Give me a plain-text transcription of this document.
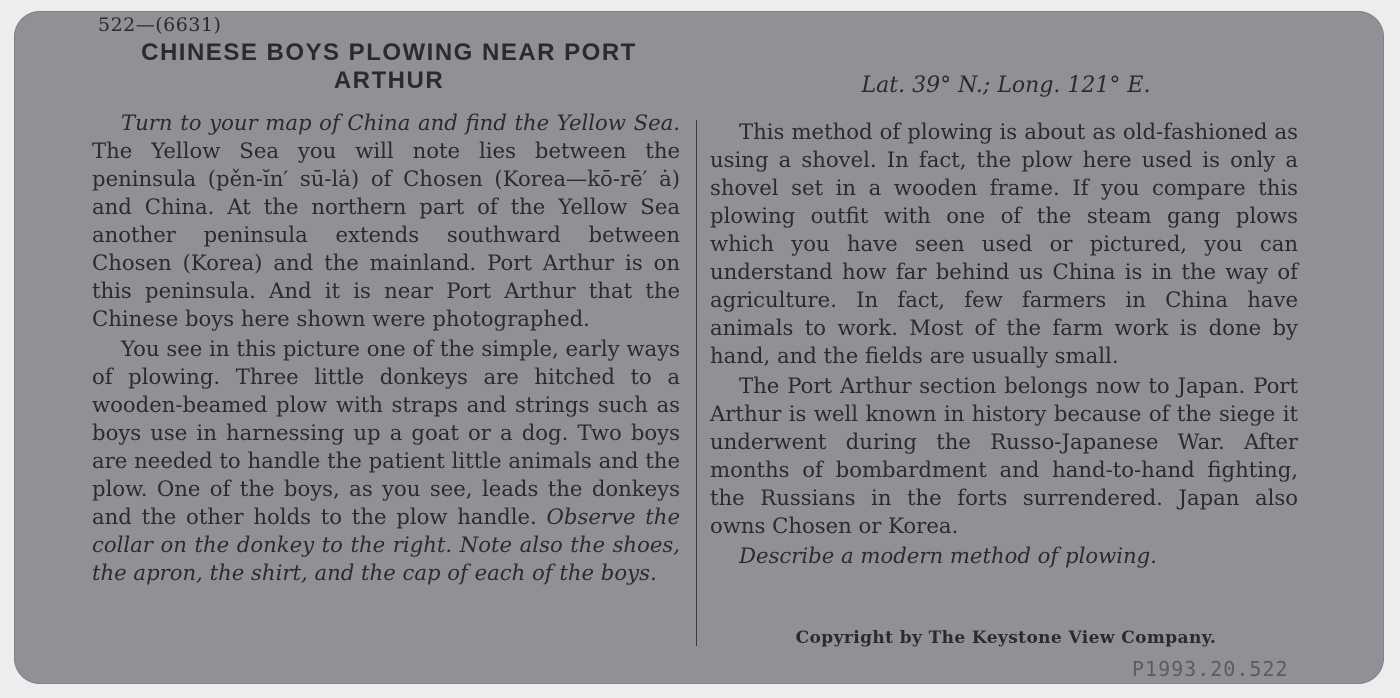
522—(6631)
CHINESE BOYS PLOWING NEAR PORT ARTHUR	Lat. 39° N.; Long. 121° E.

Turn to your map of China and find the Yellow Sea. The Yellow Sea you will note lies between the peninsula (pěn-ĭn′ sū-lȧ) of Chosen (Korea—kō-rē′ ȧ) and China. At the northern part of the Yellow Sea another peninsula extends southward between Chosen (Korea) and the mainland. Port Arthur is on this peninsula. And it is near Port Arthur that the Chinese boys here shown were photographed.

You see in this picture one of the simple, early ways of plowing. Three little donkeys are hitched to a wooden-beamed plow with straps and strings such as boys use in harnessing up a goat or a dog. Two boys are needed to handle the patient little animals and the plow. One of the boys, as you see, leads the donkeys and the other holds to the plow handle. Observe the collar on the donkey to the right. Note also the shoes, the apron, the shirt, and the cap of each of the boys.

This method of plowing is about as old-fashioned as using a shovel. In fact, the plow here used is only a shovel set in a wooden frame. If you compare this plowing outfit with one of the steam gang plows which you have seen used or pictured, you can understand how far behind us China is in the way of agriculture. In fact, few farmers in China have animals to work. Most of the farm work is done by hand, and the fields are usually small.

The Port Arthur section belongs now to Japan. Port Arthur is well known in history because of the siege it underwent during the Russo-Japanese War. After months of bombardment and hand-to-hand fighting, the Russians in the forts surrendered. Japan also owns Chosen or Korea.

Describe a modern method of plowing.

Copyright by The Keystone View Company.
P1993.20.522
